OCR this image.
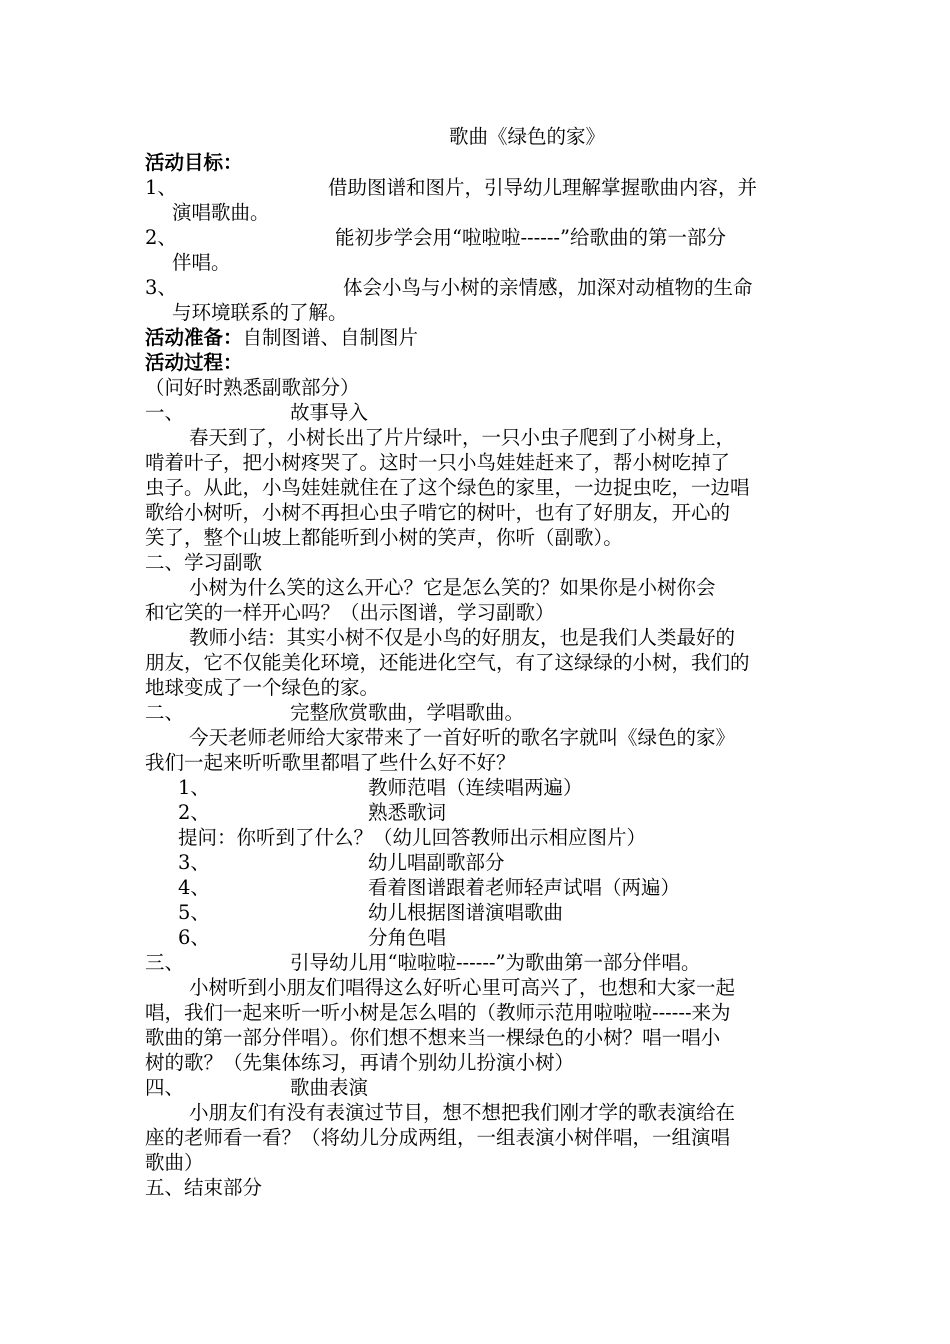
歌曲《绿色的家》
活动目标：
1、	借助图谱和图片，引导幼儿理解掌握歌曲内容，并
演唱歌曲。
2、	能初步学会用“啦啦啦------”给歌曲的第一部分
伴唱。
3、	体会小鸟与小树的亲情感，加深对动植物的生命
与环境联系的了解。
活动准备：自制图谱、自制图片
活动过程：
（问好时熟悉副歌部分）
一、	故事导入
春天到了，小树长出了片片绿叶，一只小虫子爬到了小树身上，
啃着叶子，把小树疼哭了。这时一只小鸟娃娃赶来了，帮小树吃掉了
虫子。从此，小鸟娃娃就住在了这个绿色的家里，一边捉虫吃，一边唱
歌给小树听，小树不再担心虫子啃它的树叶，也有了好朋友，开心的
笑了，整个山坡上都能听到小树的笑声，你听（副歌）。
二、学习副歌
小树为什么笑的这么开心？它是怎么笑的？如果你是小树你会
和它笑的一样开心吗？（出示图谱，学习副歌）
教师小结：其实小树不仅是小鸟的好朋友，也是我们人类最好的
朋友，它不仅能美化环境，还能进化空气，有了这绿绿的小树，我们的
地球变成了一个绿色的家。
二、	完整欣赏歌曲，学唱歌曲。
今天老师老师给大家带来了一首好听的歌名字就叫《绿色的家》
我们一起来听听歌里都唱了些什么好不好？
1、	教师范唱（连续唱两遍）
2、	熟悉歌词
提问：你听到了什么？（幼儿回答教师出示相应图片）
3、	幼儿唱副歌部分
4、	看着图谱跟着老师轻声试唱（两遍）
5、	幼儿根据图谱演唱歌曲
6、	分角色唱
三、	引导幼儿用“啦啦啦------”为歌曲第一部分伴唱。
小树听到小朋友们唱得这么好听心里可高兴了，也想和大家一起
唱，我们一起来听一听小树是怎么唱的（教师示范用啦啦啦------来为
歌曲的第一部分伴唱）。你们想不想来当一棵绿色的小树？唱一唱小
树的歌？（先集体练习，再请个别幼儿扮演小树）
四、	歌曲表演
小朋友们有没有表演过节目，想不想把我们刚才学的歌表演给在
座的老师看一看？（将幼儿分成两组，一组表演小树伴唱，一组演唱
歌曲）
五、结束部分
